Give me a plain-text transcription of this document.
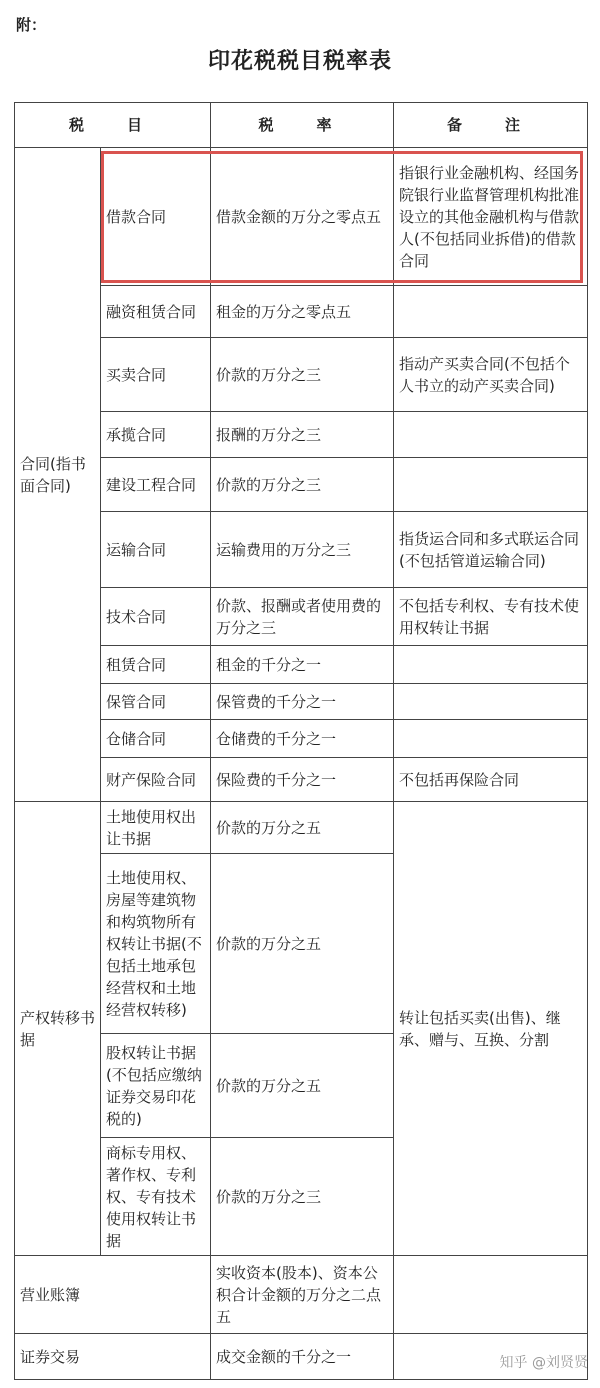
附：
印花税税目税率表
税　目		税　率	备　注
合同(指书面合同)	借款合同	借款金额的万分之零点五	指银行业金融机构、经国务院银行业监督管理机构批准设立的其他金融机构与借款人(不包括同业拆借)的借款合同
	融资租赁合同	租金的万分之零点五	
	买卖合同	价款的万分之三	指动产买卖合同(不包括个人书立的动产买卖合同)
	承揽合同	报酬的万分之三	
	建设工程合同	价款的万分之三	
	运输合同	运输费用的万分之三	指货运合同和多式联运合同(不包括管道运输合同)
	技术合同	价款、报酬或者使用费的万分之三	不包括专利权、专有技术使用权转让书据
	租赁合同	租金的千分之一	
	保管合同	保管费的千分之一	
	仓储合同	仓储费的千分之一	
	财产保险合同	保险费的千分之一	不包括再保险合同
产权转移书据	土地使用权出让书据	价款的万分之五	转让包括买卖(出售)、继承、赠与、互换、分割
	土地使用权、房屋等建筑物和构筑物所有权转让书据(不包括土地承包经营权和土地经营权转移)	价款的万分之五	
	股权转让书据(不包括应缴纳证券交易印花税的)	价款的万分之五	
	商标专用权、著作权、专利权、专有技术使用权转让书据	价款的万分之三	
营业账簿		实收资本(股本)、资本公积合计金额的万分之二点五	
证券交易		成交金额的千分之一		知乎 @刘贤贤
